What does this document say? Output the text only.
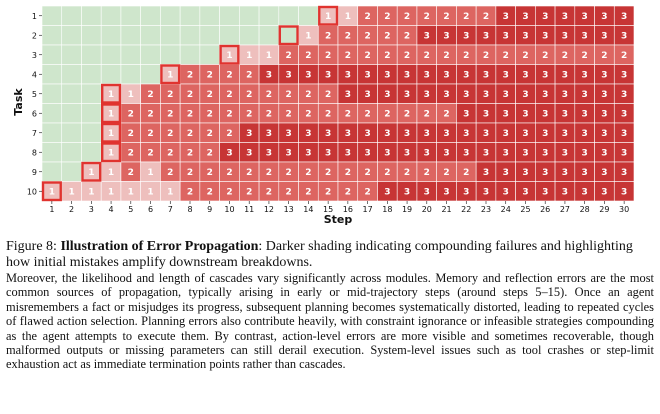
1 1 2 2 2 2 2 2 2 3 3 3 3 3 3 3
1 2 2 2 2 2 3 3 3 3 3 3 3 3 3 3 3
1 1 1 2 2 2 2 2 2 2 2 2 2 2 2 2 2 2 2 2 2
1 2 2 2 2 3 3 3 3 3 3 3 3 3 3 3 3 3 3 3 3 3 3 3
1 1 2 2 2 2 2 2 2 2 2 2 3 3 3 3 3 3 3 3 3 3 3 3 3 3 3
1 2 2 2 2 2 2 2 2 2 2 2 2 2 2 2 2 2 3 3 3 3 3 3 3 3 3
1 2 2 2 2 2 2 3 3 3 3 3 3 3 3 3 3 3 3 3 3 3 3 3 3 3 3
1 2 2 2 2 2 3 3 3 3 3 3 3 3 3 3 3 3 3 3 3 3 3 3 3 3 3
1 1 2 1 2 2 2 2 2 2 2 2 2 2 2 2 2 2 2 2 3 3 3 3 3 3 3 3
1 1 1 1 1 1 1 2 2 2 2 2 2 2 2 2 2 3 3 3 3 3 3 3 3 3 3 3 3 3
1
2
3
4
5
6
7
8
9
10
1 2 3 4 5 6 7 8 9 10 11 12 13 14 15 16 17 18 19 20 21 22 23 24 25 26 27 28 29 30
Step
Task
Figure 8: Illustration of Error Propagation: Darker shading indicating compounding failures and highlighting how initial mistakes amplify downstream breakdowns.
Moreover, the likelihood and length of cascades vary significantly across modules. Memory and reflection errors are the most common sources of propagation, typically arising in early or mid-trajectory steps (around steps 5–15). Once an agent misremembers a fact or misjudges its progress, subsequent planning becomes systematically distorted, leading to repeated cycles of flawed action selection. Planning errors also contribute heavily, with constraint ignorance or infeasible strategies compounding as the agent attempts to execute them. By contrast, action-level errors are more visible and sometimes recoverable, though malformed outputs or missing parameters can still derail execution. System-level issues such as tool crashes or step-limit exhaustion act as immediate termination points rather than cascades.
